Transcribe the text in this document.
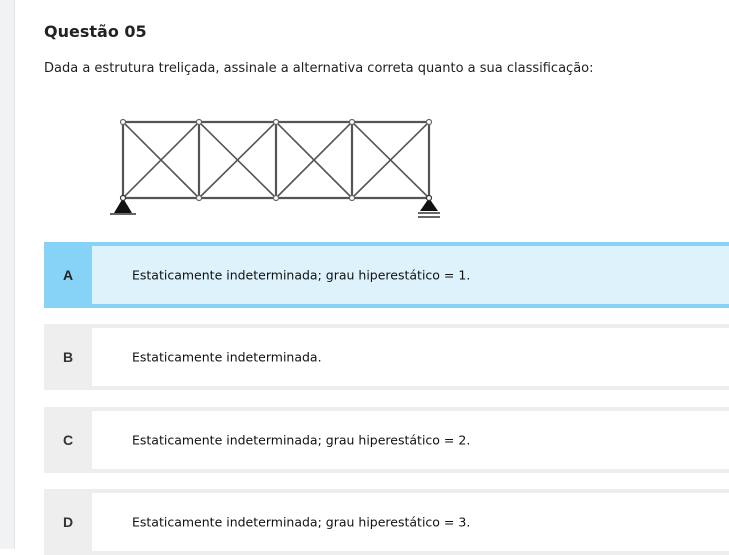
Questão 05
Dada a estrutura treliçada, assinale a alternativa correta quanto a sua classificação:
A	Estaticamente indeterminada; grau hiperestático = 1.
B	Estaticamente indeterminada.
C	Estaticamente indeterminada; grau hiperestático = 2.
D	Estaticamente indeterminada; grau hiperestático = 3.
